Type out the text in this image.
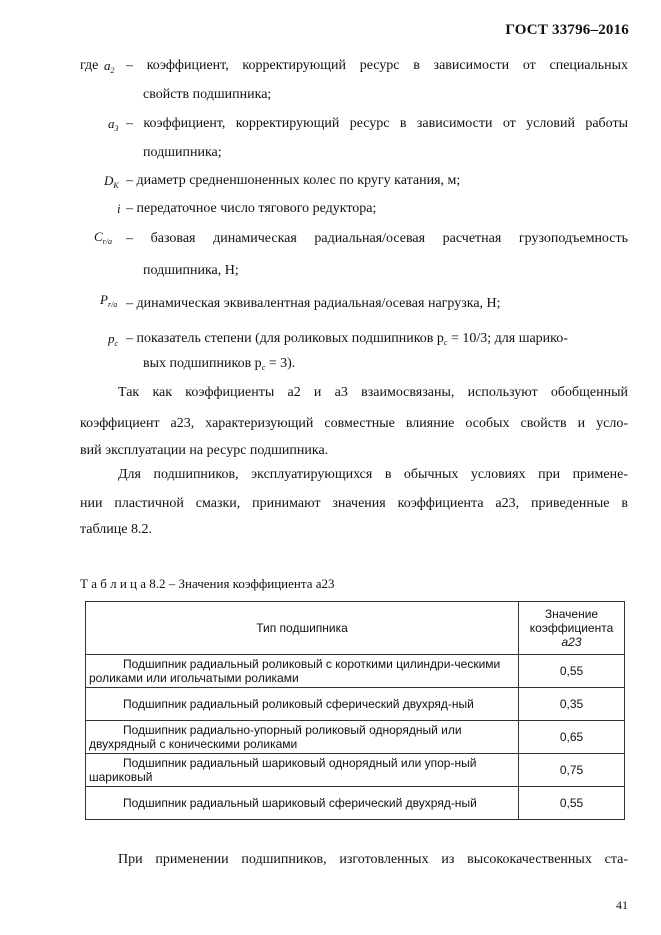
ГОСТ 33796–2016
где $a_2$ – коэффициент, корректирующий ресурс в зависимости от специальных
свойств подшипника;
$a_3$ – коэффициент, корректирующий ресурс в зависимости от условий работы
подшипника;
$D_K$ – диаметр средненшоненных колес по кругу катания, м;
i – передаточное число тягового редуктора;
$C_{r/a}$ – базовая динамическая радиальная/осевая расчетная грузоподъемность
подшипника, Н;
$P_{r/a}$ – динамическая эквивалентная радиальная/осевая нагрузка, Н;
$p_c$ – показатель степени (для роликовых подшипников $p_c = 10/3$; для шарико-
вых подшипников $p_c = 3$).
Так как коэффициенты a2 и a3 взаимосвязаны, используют обобщенный
коэффициент a23, характеризующий совместные влияние особых свойств и усло-
вий эксплуатации на ресурс подшипника.
Для подшипников, эксплуатирующихся в обычных условиях при примене-
нии пластичной смазки, принимают значения коэффициента a23, приведенные в
таблице 8.2.
Т а б л и ц а 8.2 – Значения коэффициента a23
Тип подшипника	Значение
коэффициента
a23

Подшипник радиальный роликовый с короткими цилиндри-ческими роликами или игольчатыми роликами	0,55
Подшипник радиальный роликовый сферический двухряд-ный	0,35
Подшипник радиально-упорный роликовый однорядный или двухрядный с коническими роликами	0,65
Подшипник радиальный шариковый однорядный или упор-ный шариковый	0,75
Подшипник радиальный шариковый сферический двухряд-ный	0,55
При применении подшипников, изготовленных из высококачественных ста-
41
